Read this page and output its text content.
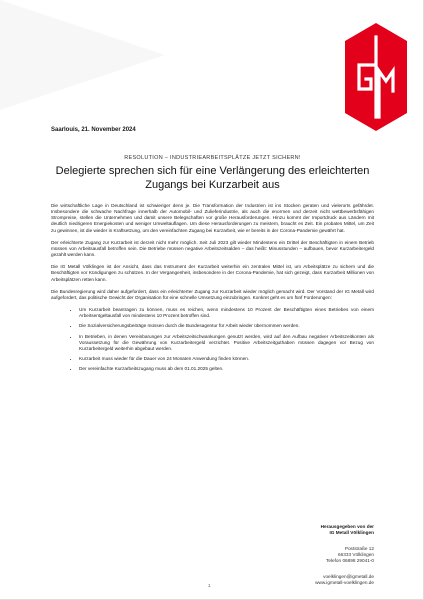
IGM
Saarlouis, 21. November 2024
RESOLUTION – INDUSTRIEARBEITSPLÄTZE JETZT SICHERN!
Delegierte sprechen sich für eine Verlängerung des erleichterten Zugangs bei Kurzarbeit aus

Die wirtschaftliche Lage in Deutschland ist schwieriger denn je. Die Transformation der Industrien ist ins Stocken geraten und vielerorts gefährdet. Insbesondere die schwache Nachfrage innerhalb der Automobil- und Zulieferindustrie, als auch die enormen und derzeit nicht wettbewerbsfähigen Strompreise, stellen die Unternehmen und damit unsere Belegschaften vor große Herausforderungen. Hinzu kommt der Importdruck aus Ländern mit deutlich niedrigeren Energiekosten und weniger Umweltauflagen. Um diese Herausforderungen zu meistern, braucht es Zeit. Ein probates Mittel, um Zeit zu gewinnen, ist die wieder in Kraftsetzung, um den vereinfachten Zugang bei Kurzarbeit, wie er bereits in der Corona-Pandemie gewährt hat.

Der erleichterte Zugang zur Kurzarbeit ist derzeit nicht mehr möglich. Seit Juli 2023 gilt wieder Mindestens ein Drittel der Beschäftigten in einem Betrieb müssen von Arbeitsausfall betroffen sein. Die Betriebe müssen negative Arbeitszeitsalden – das heißt: Minusstunden – aufbauen, bevor Kurzarbeitergeld gezahlt werden kann.

Die IG Metall Völklingen ist der Ansicht, dass das Instrument der Kurzarbeit weiterhin ein zentrales Mittel ist, um Arbeitsplätze zu sichern und die Beschäftigten vor Kündigungen zu schützen. In der Vergangenheit, insbesondere in der Corona-Pandemie, hat sich gezeigt, dass Kurzarbeit Millionen von Arbeitsplätzen retten kann.

Die Bundesregierung wird daher aufgefordert, dass ein erleichterter Zugang zur Kurzarbeit wieder möglich gemacht wird. Der Vorstand der IG Metall wird aufgefordert, das politische Gewicht der Organisation für eine schnelle Umsetzung einzubringen. Konkret geht es um fünf Forderungen:

• Um Kurzarbeit beantragen zu können, muss es reichen, wenn mindestens 10 Prozent der Beschäftigten eines Betriebes von einem Arbeitsentgeltausfall von mindestens 10 Prozent betroffen sind.
• Die Sozialversicherungsbeiträge müssen durch die Bundesagentur für Arbeit wieder übernommen werden.
• In Betrieben, in denen Vereinbarungen zur Arbeitszeitschwankungen genutzt werden, wird auf den Aufbau negativer Arbeitszeitkonten als Voraussetzung für die Gewährung von Kurzarbeitergeld verzichtet. Positive Arbeitszeitguthaben müssen dagegen vor Bezug von Kurzarbeitergeld weiterhin abgebaut werden.
• Kurzarbeit muss wieder für die Dauer von 24 Monaten Anwendung finden können.
• Der vereinfachte Kurzarbeitszugang muss ab dem 01.01.2025 gelten.
Herausgegeben von der
IG Metall Völklingen
Poststraße 12
66333 Völklingen
Telefon 06898 29041-0
voelklingen@igmetall.de
www.igmetall-voelklingen.de
1
